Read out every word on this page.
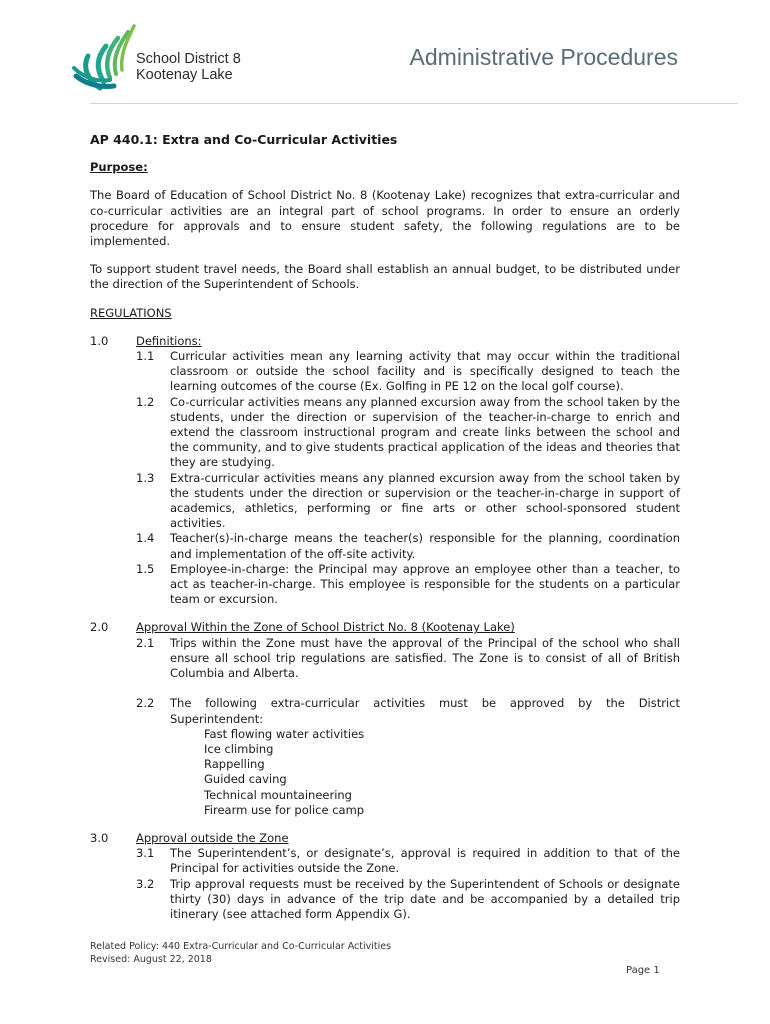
School District 8
Kootenay Lake
Administrative Procedures
AP 440.1: Extra and Co-Curricular Activities
Purpose:

The Board of Education of School District No. 8 (Kootenay Lake) recognizes that extra-curricular and co-curricular activities are an integral part of school programs. In order to ensure an orderly procedure for approvals and to ensure student safety, the following regulations are to be implemented.

To support student travel needs, the Board shall establish an annual budget, to be distributed under the direction of the Superintendent of Schools.

REGULATIONS
1.0	Definitions:
1.1	Curricular activities mean any learning activity that may occur within the traditional classroom or outside the school facility and is specifically designed to teach the learning outcomes of the course (Ex. Golfing in PE 12 on the local golf course).
1.2	Co-curricular activities means any planned excursion away from the school taken by the students, under the direction or supervision of the teacher-in-charge to enrich and extend the classroom instructional program and create links between the school and the community, and to give students practical application of the ideas and theories that they are studying.
1.3	Extra-curricular activities means any planned excursion away from the school taken by the students under the direction or supervision or the teacher-in-charge in support of academics, athletics, performing or fine arts or other school-sponsored student activities.
1.4	Teacher(s)-in-charge means the teacher(s) responsible for the planning, coordination and implementation of the off-site activity.
1.5	Employee-in-charge: the Principal may approve an employee other than a teacher, to act as teacher-in-charge. This employee is responsible for the students on a particular team or excursion.
2.0	Approval Within the Zone of School District No. 8 (Kootenay Lake)
2.1	Trips within the Zone must have the approval of the Principal of the school who shall ensure all school trip regulations are satisfied. The Zone is to consist of all of British Columbia and Alberta.
2.2	The following extra-curricular activities must be approved by the District Superintendent:
Fast flowing water activities
Ice climbing
Rappelling
Guided caving
Technical mountaineering
Firearm use for police camp
3.0	Approval outside the Zone
3.1	The Superintendent’s, or designate’s, approval is required in addition to that of the Principal for activities outside the Zone.
3.2	Trip approval requests must be received by the Superintendent of Schools or designate thirty (30) days in advance of the trip date and be accompanied by a detailed trip itinerary (see attached form Appendix G).
Related Policy: 440 Extra-Curricular and Co-Curricular Activities
Revised: August 22, 2018
Page 1
